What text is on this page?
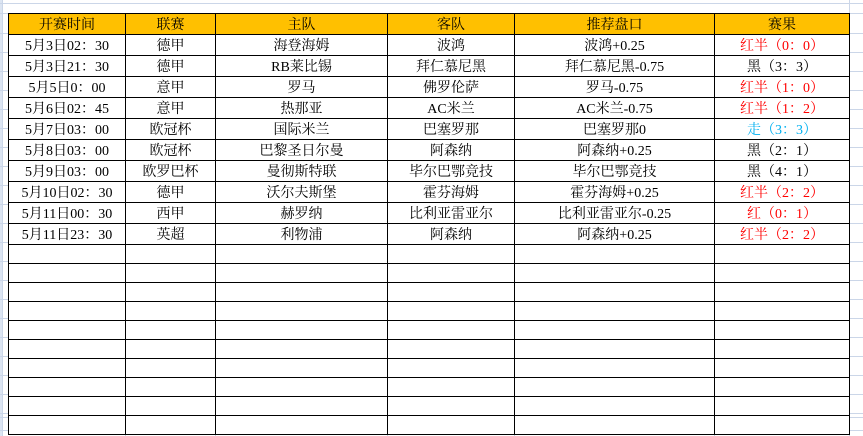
开赛时间	联赛	主队	客队	推荐盘口	赛果
5月3日02：30	德甲	海登海姆	波鸿	波鸿+0.25	红半（0：0）
5月3日21：30	德甲	RB莱比锡	拜仁慕尼黑	拜仁慕尼黑-0.75	黑（3：3）
5月5日0：00	意甲	罗马	佛罗伦萨	罗马-0.75	红半（1：0）
5月6日02：45	意甲	热那亚	AC米兰	AC米兰-0.75	红半（1：2）
5月7日03：00	欧冠杯	国际米兰	巴塞罗那	巴塞罗那0	走（3：3）
5月8日03：00	欧冠杯	巴黎圣日尔曼	阿森纳	阿森纳+0.25	黑（2：1）
5月9日03：00	欧罗巴杯	曼彻斯特联	毕尔巴鄂竞技	毕尔巴鄂竞技	黑（4：1）
5月10日02：30	德甲	沃尔夫斯堡	霍芬海姆	霍芬海姆+0.25	红半（2：2）
5月11日00：30	西甲	赫罗纳	比利亚雷亚尔	比利亚雷亚尔-0.25	红（0：1）
5月11日23：30	英超	利物浦	阿森纳	阿森纳+0.25	红半（2：2）
